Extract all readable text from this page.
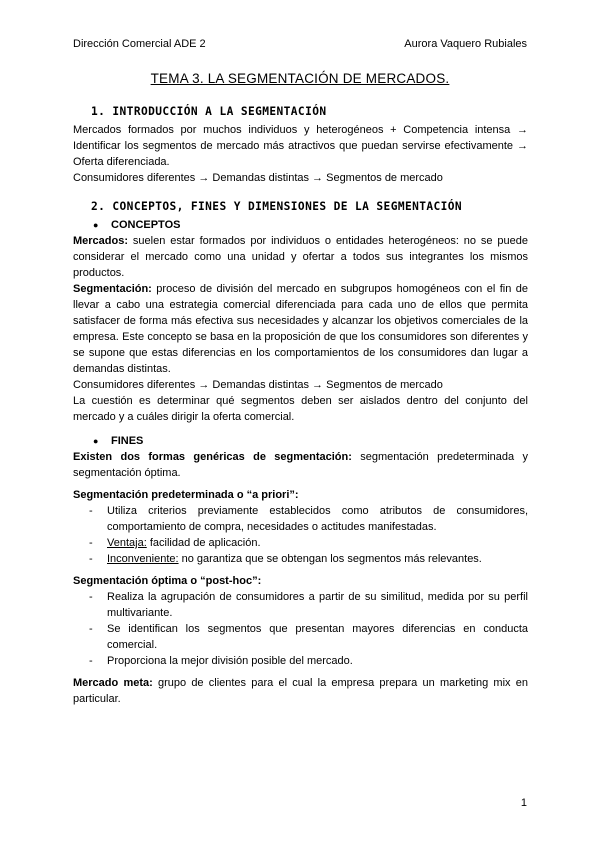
Dirección Comercial ADE 2	Aurora Vaquero Rubiales
TEMA 3. LA SEGMENTACIÓN DE MERCADOS.
1. INTRODUCCIÓN A LA SEGMENTACIÓN

Mercados formados por muchos individuos y heterogéneos + Competencia intensa → Identificar los segmentos de mercado más atractivos que puedan servirse efectivamente → Oferta diferenciada.

Consumidores diferentes → Demandas distintas → Segmentos de mercado

2. CONCEPTOS, FINES Y DIMENSIONES DE LA SEGMENTACIÓN
●	CONCEPTOS

Mercados: suelen estar formados por individuos o entidades heterogéneos: no se puede considerar el mercado como una unidad y ofertar a todos sus integrantes los mismos productos.

Segmentación: proceso de división del mercado en subgrupos homogéneos con el fin de llevar a cabo una estrategia comercial diferenciada para cada uno de ellos que permita satisfacer de forma más efectiva sus necesidades y alcanzar los objetivos comerciales de la empresa. Este concepto se basa en la proposición de que los consumidores son diferentes y se supone que estas diferencias en los comportamientos de los consumidores dan lugar a demandas distintas.

Consumidores diferentes → Demandas distintas → Segmentos de mercado

La cuestión es determinar qué segmentos deben ser aislados dentro del conjunto del mercado y a cuáles dirigir la oferta comercial.

●	FINES

Existen dos formas genéricas de segmentación: segmentación predeterminada y segmentación óptima.

Segmentación predeterminada o “a priori”:

-	Utiliza criterios previamente establecidos como atributos de consumidores, comportamiento de compra, necesidades o actitudes manifestadas.
-	Ventaja: facilidad de aplicación.
-	Inconveniente: no garantiza que se obtengan los segmentos más relevantes.

Segmentación óptima o “post-hoc”:

-	Realiza la agrupación de consumidores a partir de su similitud, medida por su perfil multivariante.
-	Se identifican los segmentos que presentan mayores diferencias en conducta comercial.
-	Proporciona la mejor división posible del mercado.

Mercado meta: grupo de clientes para el cual la empresa prepara un marketing mix en particular.

1
